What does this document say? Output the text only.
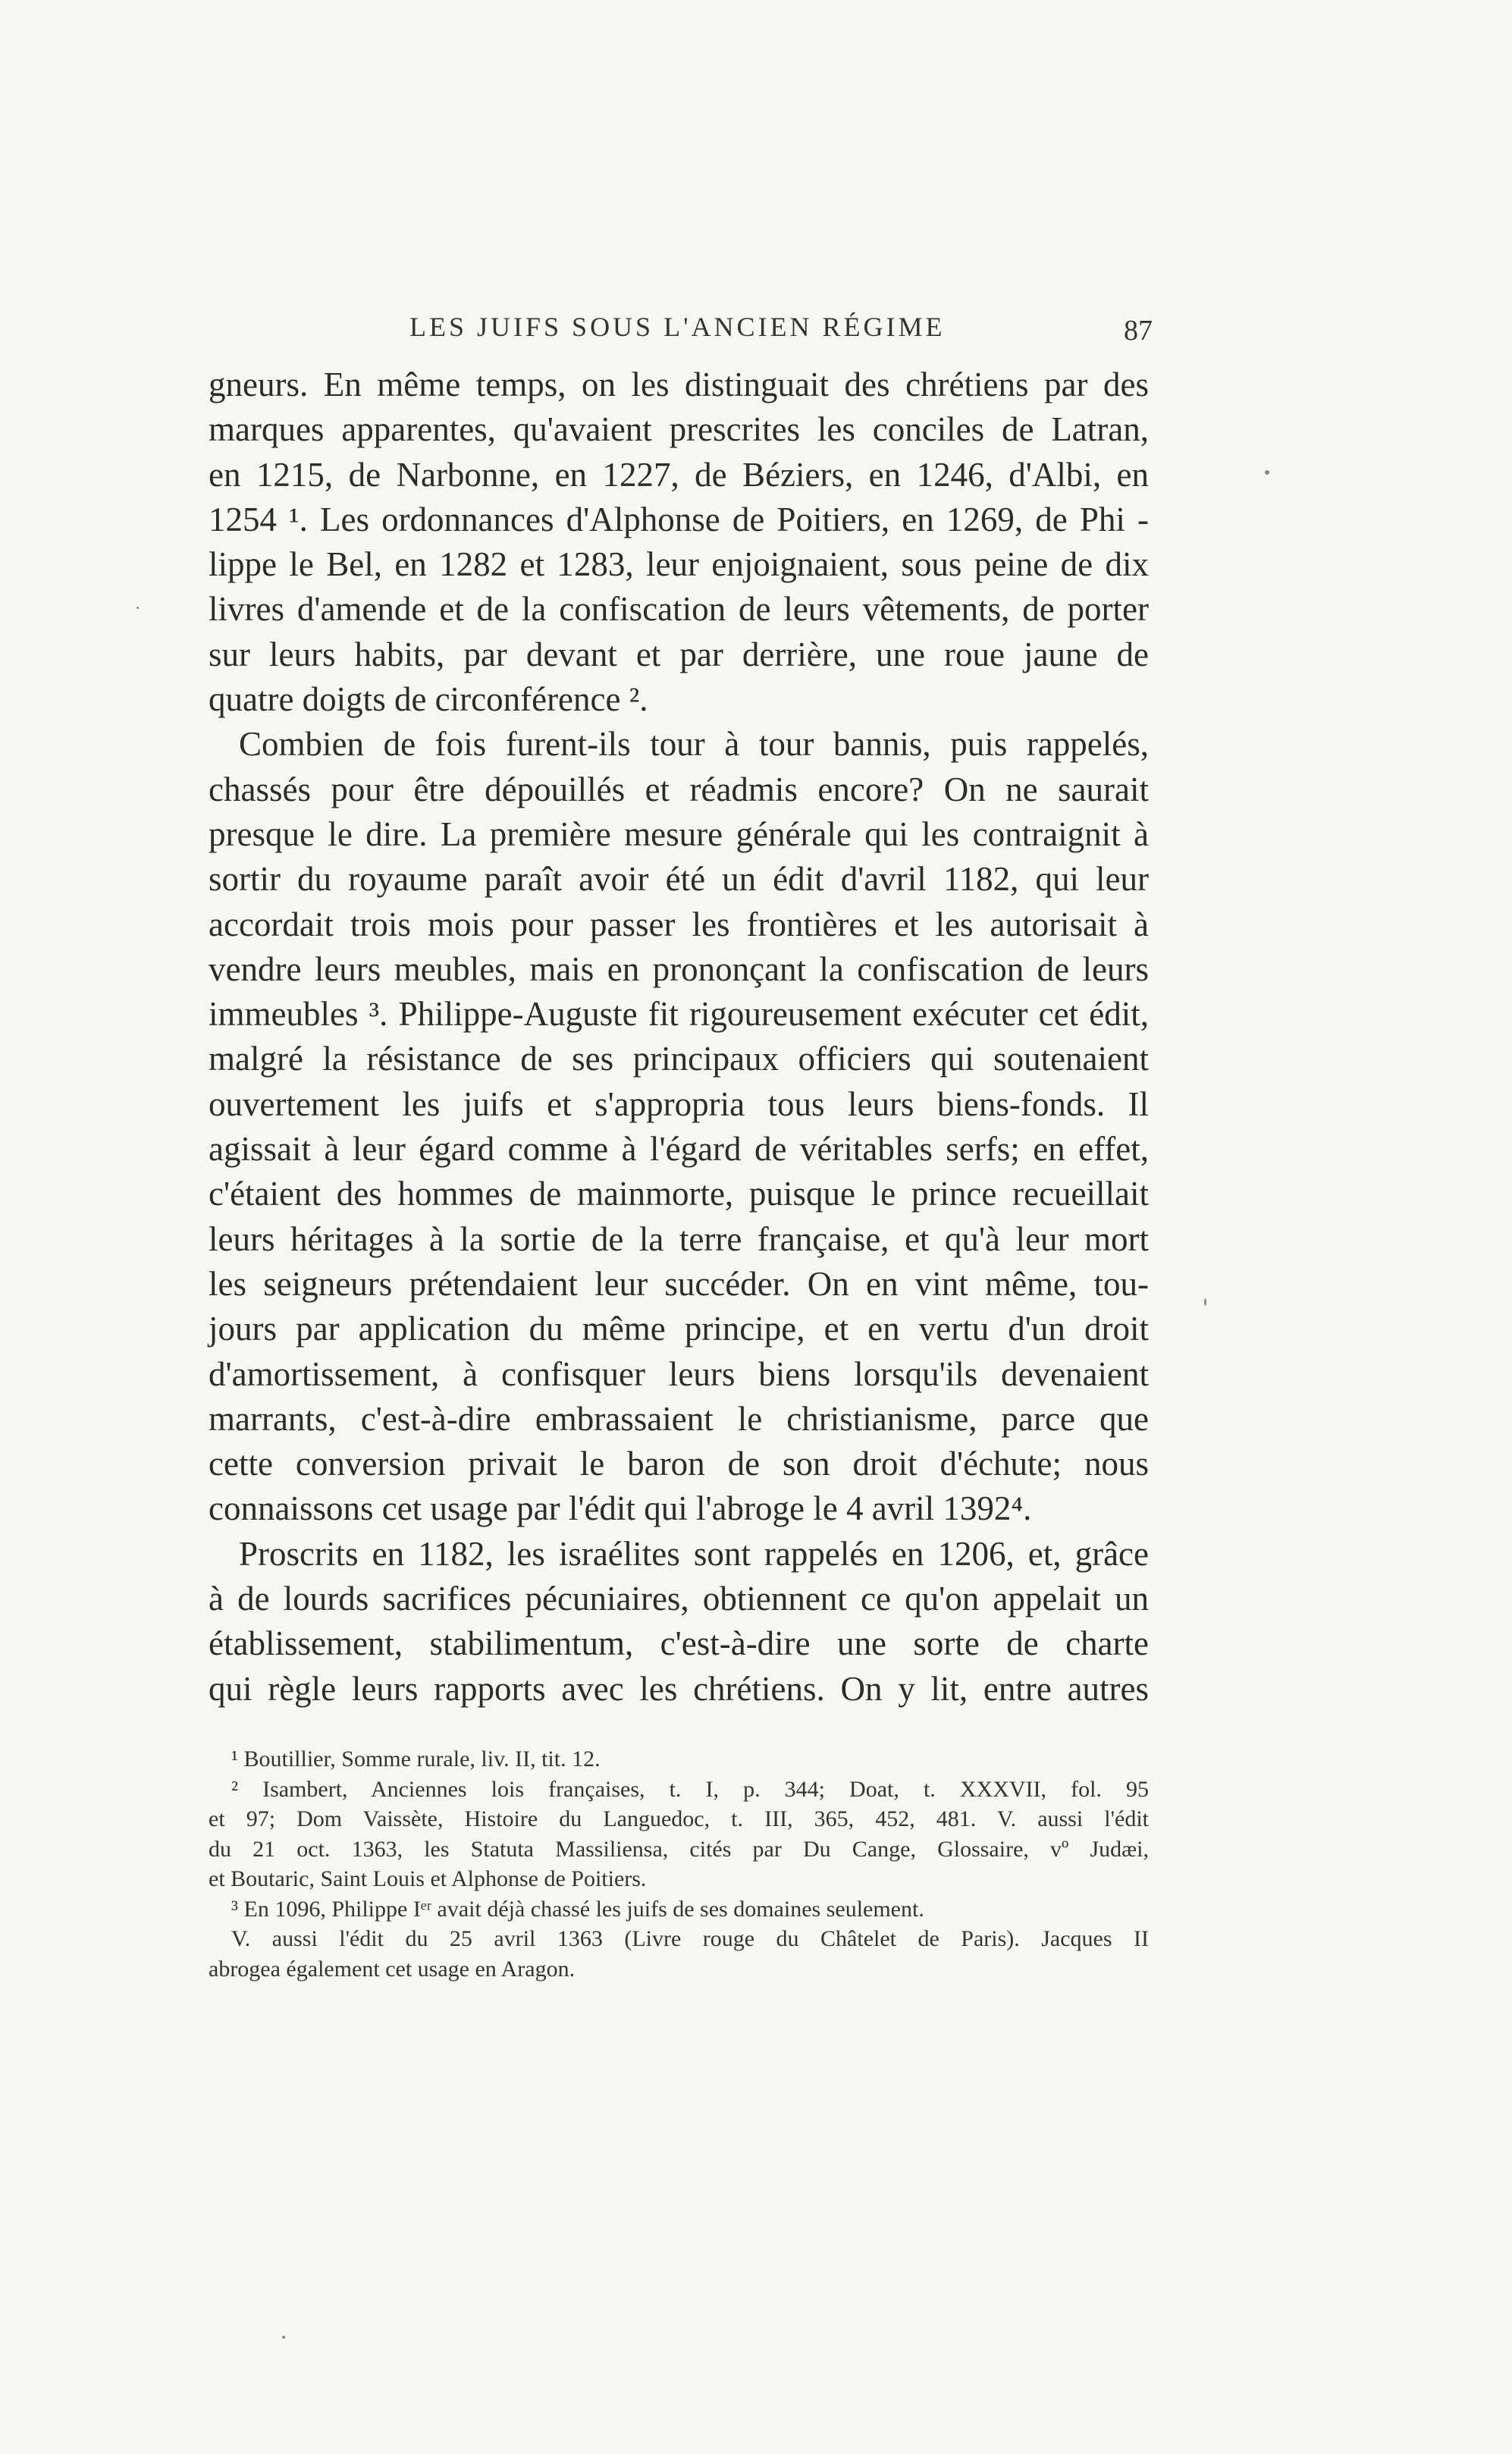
LES JUIFS SOUS L'ANCIEN RÉGIME	87
gneurs. En même temps, on les distinguait des chrétiens par des
marques apparentes, qu'avaient prescrites les conciles de Latran,
en 1215, de Narbonne, en 1227, de Béziers, en 1246, d'Albi, en
1254 ¹. Les ordonnances d'Alphonse de Poitiers, en 1269, de Phi -
lippe le Bel, en 1282 et 1283, leur enjoignaient, sous peine de dix
livres d'amende et de la confiscation de leurs vêtements, de porter
sur leurs habits, par devant et par derrière, une roue jaune de
quatre doigts de circonférence ².
Combien de fois furent-ils tour à tour bannis, puis rappelés,
chassés pour être dépouillés et réadmis encore? On ne saurait
presque le dire. La première mesure générale qui les contraignit à
sortir du royaume paraît avoir été un édit d'avril 1182, qui leur
accordait trois mois pour passer les frontières et les autorisait à
vendre leurs meubles, mais en prononçant la confiscation de leurs
immeubles ³. Philippe-Auguste fit rigoureusement exécuter cet édit,
malgré la résistance de ses principaux officiers qui soutenaient
ouvertement les juifs et s'appropria tous leurs biens-fonds. Il
agissait à leur égard comme à l'égard de véritables serfs; en effet,
c'étaient des hommes de mainmorte, puisque le prince recueillait
leurs héritages à la sortie de la terre française, et qu'à leur mort
les seigneurs prétendaient leur succéder. On en vint même, tou-
jours par application du même principe, et en vertu d'un droit
d'amortissement, à confisquer leurs biens lorsqu'ils devenaient
marrants, c'est-à-dire embrassaient le christianisme, parce que
cette conversion privait le baron de son droit d'échute; nous
connaissons cet usage par l'édit qui l'abroge le 4 avril 1392⁴.
Proscrits en 1182, les israélites sont rappelés en 1206, et, grâce
à de lourds sacrifices pécuniaires, obtiennent ce qu'on appelait un
établissement, stabilimentum, c'est-à-dire une sorte de charte
qui règle leurs rapports avec les chrétiens. On y lit, entre autres
¹ Boutillier, Somme rurale, liv. II, tit. 12.
² Isambert, Anciennes lois françaises, t. I, p. 344; Doat, t. XXXVII, fol. 95
et 97; Dom Vaissète, Histoire du Languedoc, t. III, 365, 452, 481. V. aussi l'édit
du 21 oct. 1363, les Statuta Massiliensa, cités par Du Cange, Glossaire, vº Judæi,
et Boutaric, Saint Louis et Alphonse de Poitiers.
³ En 1096, Philippe Iᵉʳ avait déjà chassé les juifs de ses domaines seulement.
V. aussi l'édit du 25 avril 1363 (Livre rouge du Châtelet de Paris). Jacques II
abrogea également cet usage en Aragon.
